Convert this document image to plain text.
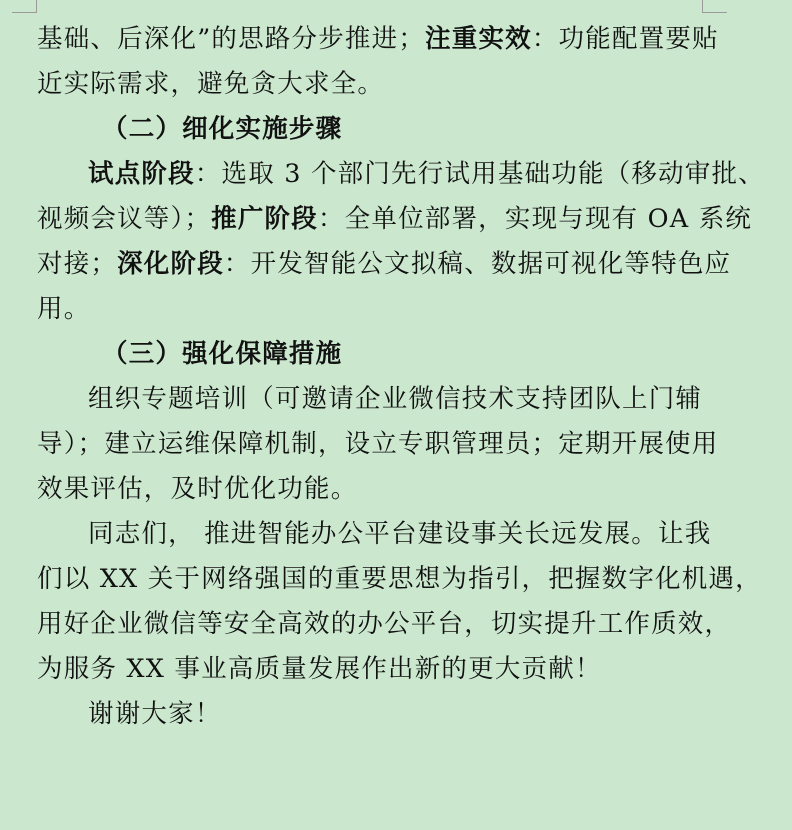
基础、后深化”的思路分步推进；注重实效：功能配置要贴
近实际需求，避免贪大求全。
（二）细化实施步骤
试点阶段：选取 3 个部门先行试用基础功能（移动审批、
视频会议等）；推广阶段：全单位部署，实现与现有 OA 系统
对接；深化阶段：开发智能公文拟稿、数据可视化等特色应
用。
（三）强化保障措施
组织专题培训（可邀请企业微信技术支持团队上门辅
导）；建立运维保障机制，设立专职管理员；定期开展使用
效果评估，及时优化功能。
同志们， 推进智能办公平台建设事关长远发展。让我
们以 XX 关于网络强国的重要思想为指引，把握数字化机遇，
用好企业微信等安全高效的办公平台，切实提升工作质效，
为服务 XX 事业高质量发展作出新的更大贡献！
谢谢大家！
